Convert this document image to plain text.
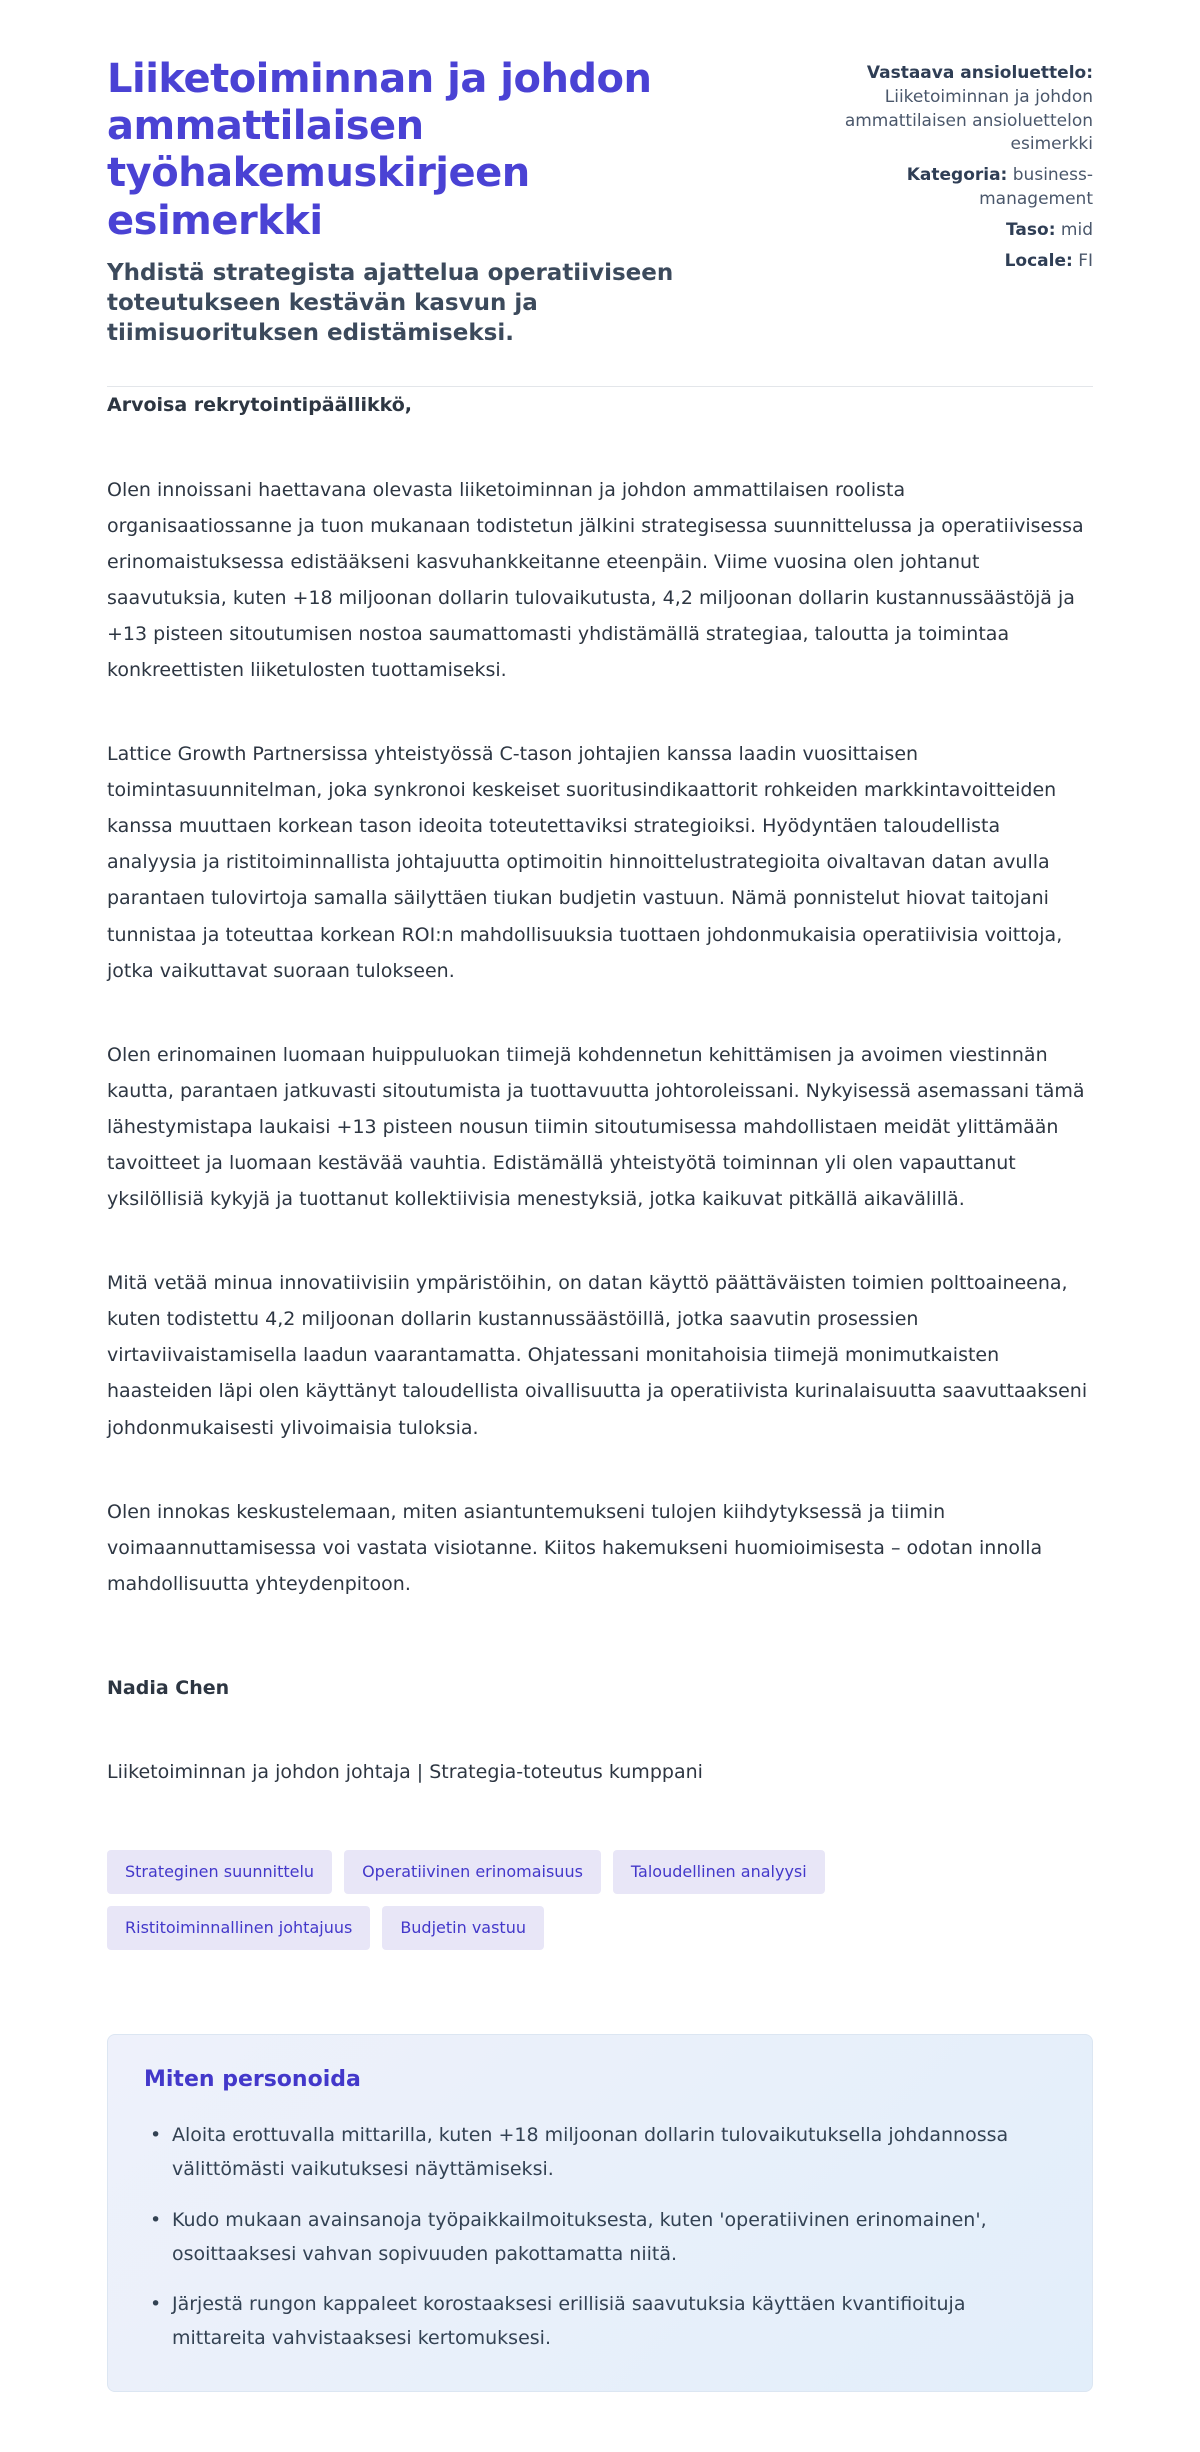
Liiketoiminnan ja johdon ammattilaisen työhakemuskirjeen esimerkki

Yhdistä strategista ajattelua operatiiviseen toteutukseen kestävän kasvun ja tiimisuorituksen edistämiseksi.

Vastaava ansioluettelo: Liiketoiminnan ja johdon ammattilaisen ansioluettelon esimerkki
Kategoria: business-management
Taso: mid
Locale: FI

Arvoisa rekrytointipäällikkö,

Olen innoissani haettavana olevasta liiketoiminnan ja johdon ammattilaisen roolista organisaatiossanne ja tuon mukanaan todistetun jälkini strategisessa suunnittelussa ja operatiivisessa erinomaistuksessa edistääkseni kasvuhankkeitanne eteenpäin. Viime vuosina olen johtanut saavutuksia, kuten +18 miljoonan dollarin tulovaikutusta, 4,2 miljoonan dollarin kustannussäästöjä ja +13 pisteen sitoutumisen nostoa saumattomasti yhdistämällä strategiaa, taloutta ja toimintaa konkreettisten liiketulosten tuottamiseksi.

Lattice Growth Partnersissa yhteistyössä C-tason johtajien kanssa laadin vuosittaisen toimintasuunnitelman, joka synkronoi keskeiset suoritusindikaattorit rohkeiden markkintavoitteiden kanssa muuttaen korkean tason ideoita toteutettaviksi strategioiksi. Hyödyntäen taloudellista analyysia ja ristitoiminnallista johtajuutta optimoitin hinnoittelustrategioita oivaltavan datan avulla parantaen tulovirtoja samalla säilyttäen tiukan budjetin vastuun. Nämä ponnistelut hiovat taitojani tunnistaa ja toteuttaa korkean ROI:n mahdollisuuksia tuottaen johdonmukaisia operatiivisia voittoja, jotka vaikuttavat suoraan tulokseen.

Olen erinomainen luomaan huippuluokan tiimejä kohdennetun kehittämisen ja avoimen viestinnän kautta, parantaen jatkuvasti sitoutumista ja tuottavuutta johtoroleissani. Nykyisessä asemassani tämä lähestymistapa laukaisi +13 pisteen nousun tiimin sitoutumisessa mahdollistaen meidät ylittämään tavoitteet ja luomaan kestävää vauhtia. Edistämällä yhteistyötä toiminnan yli olen vapauttanut yksilöllisiä kykyjä ja tuottanut kollektiivisia menestyksiä, jotka kaikuvat pitkällä aikavälillä.

Mitä vetää minua innovatiivisiin ympäristöihin, on datan käyttö päättäväisten toimien polttoaineena, kuten todistettu 4,2 miljoonan dollarin kustannussäästöillä, jotka saavutin prosessien virtaviivaistamisella laadun vaarantamatta. Ohjatessani monitahoisia tiimejä monimutkaisten haasteiden läpi olen käyttänyt taloudellista oivallisuutta ja operatiivista kurinalaisuutta saavuttaakseni johdonmukaisesti ylivoimaisia tuloksia.

Olen innokas keskustelemaan, miten asiantuntemukseni tulojen kiihdytyksessä ja tiimin voimaannuttamisessa voi vastata visiotanne. Kiitos hakemukseni huomioimisesta – odotan innolla mahdollisuutta yhteydenpitoon.

Nadia Chen

Liiketoiminnan ja johdon johtaja | Strategia-toteutus kumppani

Strateginen suunnittelu	Operatiivinen erinomaisuus	Taloudellinen analyysi
Ristitoiminnallinen johtajuus	Budjetin vastuu
Miten personoida
• Aloita erottuvalla mittarilla, kuten +18 miljoonan dollarin tulovaikutuksella johdannossa välittömästi vaikutuksesi näyttämiseksi.
• Kudo mukaan avainsanoja työpaikkailmoituksesta, kuten 'operatiivinen erinomainen', osoittaaksesi vahvan sopivuuden pakottamatta niitä.
• Järjestä rungon kappaleet korostaaksesi erillisiä saavutuksia käyttäen kvantifioituja mittareita vahvistaaksesi kertomuksesi.
